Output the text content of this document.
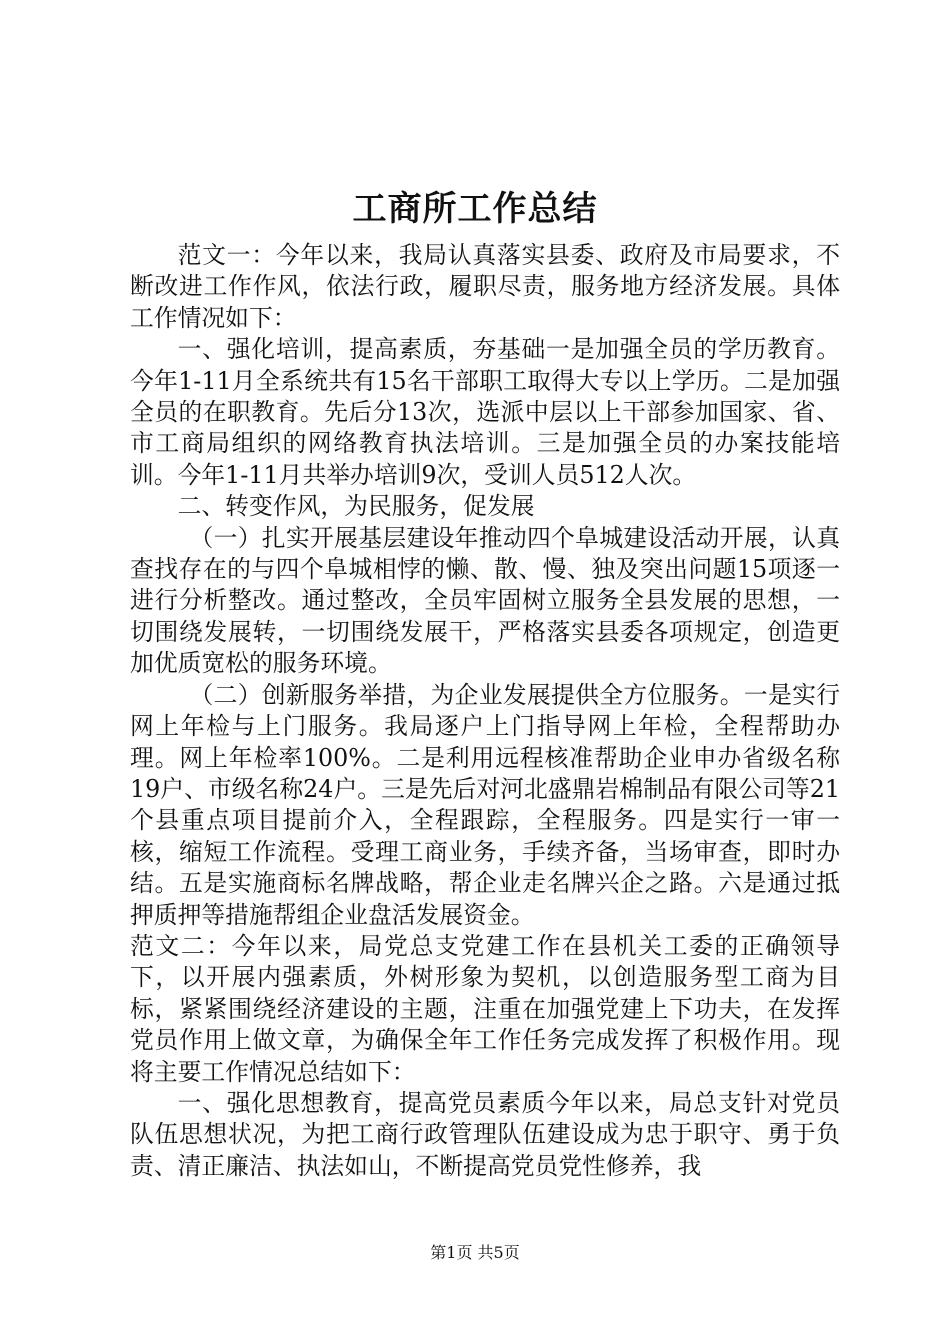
工商所工作总结

范文一：今年以来，我局认真落实县委、政府及市局要求，不断改进工作作风，依法行政，履职尽责，服务地方经济发展。具体工作情况如下：

一、强化培训，提高素质，夯基础一是加强全员的学历教育。今年1-11月全系统共有15名干部职工取得大专以上学历。二是加强全员的在职教育。先后分13次，选派中层以上干部参加国家、省、市工商局组织的网络教育执法培训。三是加强全员的办案技能培训。今年1-11月共举办培训9次，受训人员512人次。

二、转变作风，为民服务，促发展

（一）扎实开展基层建设年推动四个阜城建设活动开展，认真查找存在的与四个阜城相悖的懒、散、慢、独及突出问题15项逐一进行分析整改。通过整改，全员牢固树立服务全县发展的思想，一切围绕发展转，一切围绕发展干，严格落实县委各项规定，创造更加优质宽松的服务环境。

（二）创新服务举措，为企业发展提供全方位服务。一是实行网上年检与上门服务。我局逐户上门指导网上年检，全程帮助办理。网上年检率100%。二是利用远程核准帮助企业申办省级名称19户、市级名称24户。三是先后对河北盛鼎岩棉制品有限公司等21个县重点项目提前介入，全程跟踪，全程服务。四是实行一审一核，缩短工作流程。受理工商业务，手续齐备，当场审查，即时办结。五是实施商标名牌战略，帮企业走名牌兴企之路。六是通过抵押质押等措施帮组企业盘活发展资金。

范文二：今年以来，局党总支党建工作在县机关工委的正确领导下，以开展内强素质，外树形象为契机，以创造服务型工商为目标，紧紧围绕经济建设的主题，注重在加强党建上下功夫，在发挥党员作用上做文章，为确保全年工作任务完成发挥了积极作用。现将主要工作情况总结如下：

一、强化思想教育，提高党员素质今年以来，局总支针对党员队伍思想状况，为把工商行政管理队伍建设成为忠于职守、勇于负责、清正廉洁、执法如山，不断提高党员党性修养，我

第1页 共5页
